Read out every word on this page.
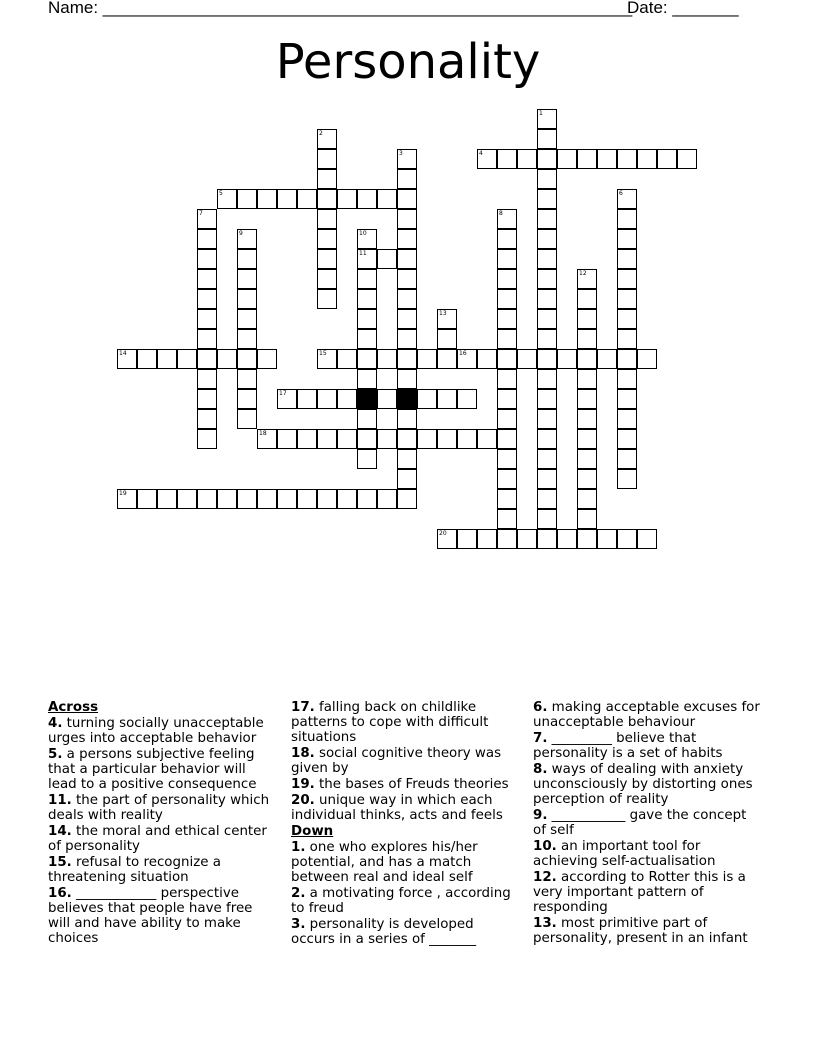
Name: ________________________________________________________
Date: _______
Personality
4
5
11
14	15	16
17
18
19
20
1
2
3
6
7	8
9	10
12
13
Across
4. turning socially unacceptable urges into acceptable behavior
5. a persons subjective feeling that a particular behavior will lead to a positive consequence
11. the part of personality which deals with reality
14. the moral and ethical center of personality
15. refusal to recognize a threatening situation
16. ____________ perspective believes that people have free will and have ability to make choices
17. falling back on childlike patterns to cope with difficult situations
18. social cognitive theory was given by
19. the bases of Freuds theories
20. unique way in which each individual thinks, acts and feels
Down
1. one who explores his/her potential, and has a match between real and ideal self
2. a motivating force , according to freud
3. personality is developed occurs in a series of _______
6. making acceptable excuses for unacceptable behaviour
7. _________ believe that personality is a set of habits
8. ways of dealing with anxiety unconsciously by distorting ones perception of reality
9. ___________ gave the concept of self
10. an important tool for achieving self-actualisation
12. according to Rotter this is a very important pattern of responding
13. most primitive part of personality, present in an infant
